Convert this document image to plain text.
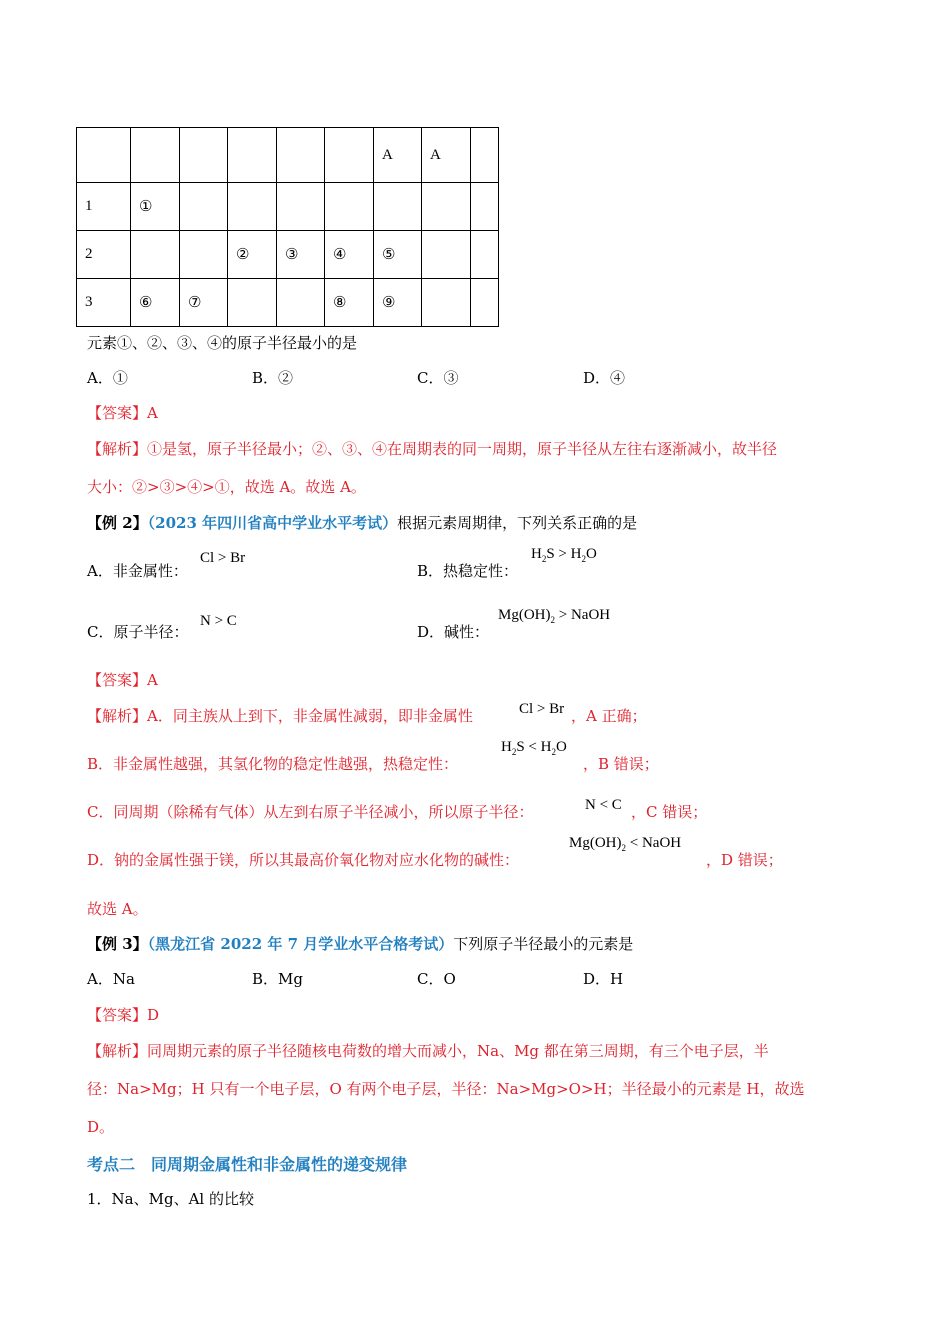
						A	A	
1	①							
2			②	③	④	⑤		
3	⑥	⑦			⑧	⑨		
元素①、②、③、④的原子半径最小的是
A．①	B．②	C．③	D．④
【答案】A
【解析】①是氢，原子半径最小；②、③、④在周期表的同一周期，原子半径从左往右逐渐减小，故半径
大小：②>③>④>①，故选 A。故选 A。
【例 2】（2023 年四川省高中学业水平考试）根据元素周期律，下列关系正确的是
A．非金属性：
Cl > Br
B．热稳定性：
$H_2S > H_2O$
C．原子半径：
N > C
D．碱性：
$Mg(OH)_2$ > NaOH
【答案】A
【解析】A．同主族从上到下，非金属性减弱，即非金属性	Cl > Br ，A 正确；
B．非金属性越强，其氢化物的稳定性越强，热稳定性：
$H_2S < H_2O$
，B 错误；
C．同周期（除稀有气体）从左到右原子半径减小，所以原子半径：	N < C ，C 错误；
D．钠的金属性强于镁，所以其最高价氧化物对应水化物的碱性：
$Mg(OH)_2$ < NaOH
，D 错误；
故选 A。
【例 3】（黑龙江省 2022 年 7 月学业水平合格考试）下列原子半径最小的元素是
A．Na	B．Mg	C．O	D．H
【答案】D
【解析】同周期元素的原子半径随核电荷数的增大而减小，Na、Mg 都在第三周期，有三个电子层，半
径：Na>Mg；H 只有一个电子层，O 有两个电子层，半径：Na>Mg>O>H；半径最小的元素是 H，故选
D。
考点二　同周期金属性和非金属性的递变规律
1．Na、Mg、Al 的比较
